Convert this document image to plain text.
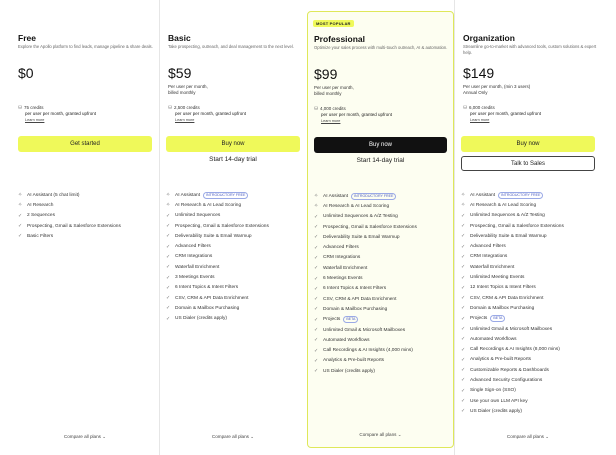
Free
Explore the Apollo platform to find leads, manage pipeline & share deals.
$0
⛁ 75 credits
per user per month, granted upfront
Learn more
Get started
✧ AI Assistant (5 chat limit)
✧ AI Research
✓ 2 Sequences
✓ Prospecting, Gmail & Salesforce Extensions
✓ Basic Filters
Compare all plans ⌄
Basic
Take prospecting, outreach, and deal management to the next level.
$59
Per user per month,
billed monthly
⛁ 2,500 credits
per user per month, granted upfront
Learn more
Buy now
Start 14-day trial
✧ AI Assistant	INTRODUCTORY FREE
✧ AI Research & AI Lead Scoring
✓ Unlimited Sequences
✓ Prospecting, Gmail & Salesforce Extensions
✓ Deliverability Suite & Email Warmup
✓ Advanced Filters
✓ CRM Integrations
✓ Waterfall Enrichment
✓ 3 Meetings Events
✓ 6 Intent Topics & Intent Filters
✓ CSV, CRM & API Data Enrichment
✓ Domain & Mailbox Purchasing
✓ US Dialer (credits apply)
Compare all plans ⌄
MOST POPULAR
Professional
Optimize your sales process with multi-touch outreach, AI & automation.
$99
Per user per month,
billed monthly
⛁ 4,000 credits
per user per month, granted upfront
Learn more
Buy now
Start 14-day trial
✧ AI Assistant	INTRODUCTORY FREE
✧ AI Research & AI Lead Scoring
✓ Unlimited Sequences & A/Z Testing
✓ Prospecting, Gmail & Salesforce Extensions
✓ Deliverability Suite & Email Warmup
✓ Advanced Filters
✓ CRM Integrations
✓ Waterfall Enrichment
✓ 6 Meetings Events
✓ 6 Intent Topics & Intent Filters
✓ CSV, CRM & API Data Enrichment
✓ Domain & Mailbox Purchasing
✓ Projects	BETA
✓ Unlimited Gmail & Microsoft Mailboxes
✓ Automated Workflows
✓ Call Recordings & AI Insights (4,000 mins)
✓ Analytics & Pre-built Reports
✓ US Dialer (credits apply)
Compare all plans ⌄
Organization
Streamline go-to-market with advanced tools, custom solutions & expert help.
$149
Per user per month, (min 3 users)
Annual Only
⛁ 6,000 credits
per user per month, granted upfront
Learn more
Buy now
Talk to Sales
✧ AI Assistant	INTRODUCTORY FREE
✧ AI Research & AI Lead Scoring
✓ Unlimited Sequences & A/Z Testing
✓ Prospecting, Gmail & Salesforce Extensions
✓ Deliverability Suite & Email Warmup
✓ Advanced Filters
✓ CRM Integrations
✓ Waterfall Enrichment
✓ Unlimited Meeting Events
✓ 12 Intent Topics & Intent Filters
✓ CSV, CRM & API Data Enrichment
✓ Domain & Mailbox Purchasing
✓ Projects	BETA
✓ Unlimited Gmail & Microsoft Mailboxes
✓ Automated Workflows
✓ Call Recordings & AI Insights (8,000 mins)
✓ Analytics & Pre-built Reports
✓ Customizable Reports & Dashboards
✓ Advanced Security Configurations
✓ Single Sign-on (SSO)
✓ Use your own LLM API key
✓ US Dialer (credits apply)
Compare all plans ⌄
